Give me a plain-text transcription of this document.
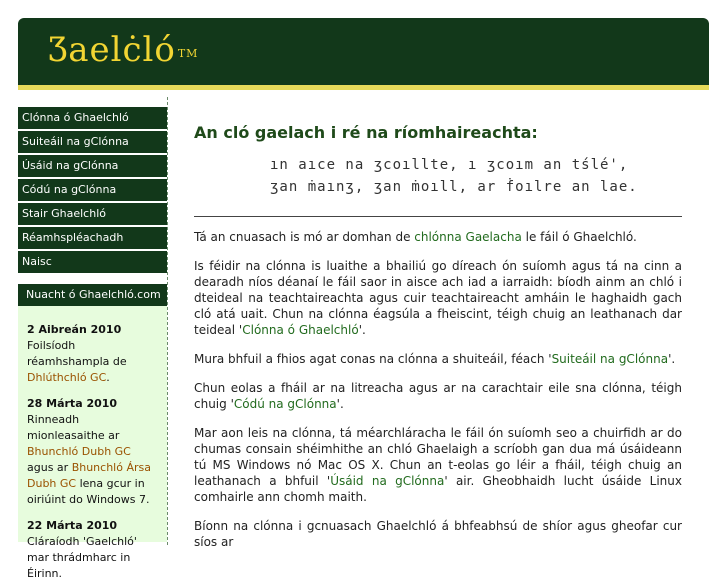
Ʒaelċló ™
Clónna ó Ghaelchló
Suiteáil na gClónna
Úsáid na gClónna
Códú na gClónna
Stair Ghaelchló
Réamhspléachadh
Naisc
Nuacht ó Ghaelchló.com
2 Aibreán 2010
Foilsíodh réamhshampla de Dhlúthchló GC.
28 Márta 2010
Rinneadh mionleasaithe ar Bhunchló Dubh GC agus ar Bhunchló Ársa Dubh GC lena gcur in oiriúint do Windows 7.
22 Márta 2010
Cláraíodh 'Gaelchló' mar thrádmharc in Éirinn.
An cló gaelach i ré na ríomhaireachta:
ın aıce na ʒcoıllte, ı ʒcoım an tślé',
ʒan ṁaınʒ, ʒan ṁoıll, ar ḟoılre an lae.

Tá an cnuasach is mó ar domhan de chlónna Gaelacha le fáil ó Ghaelchló.

Is féidir na clónna is luaithe a bhailiú go díreach ón suíomh agus tá na cinn a dearadh níos déanaí le fáil saor in aisce ach iad a iarraidh: bíodh ainm an chló i dteideal na teachtaireachta agus cuir teachtaireacht amháin le haghaidh gach cló atá uait. Chun na clónna éagsúla a fheiscint, téigh chuig an leathanach dar teideal 'Clónna ó Ghaelchló'.

Mura bhfuil a fhios agat conas na clónna a shuiteáil, féach 'Suiteáil na gClónna'.

Chun eolas a fháil ar na litreacha agus ar na carachtair eile sna clónna, téigh chuig 'Códú na gClónna'.

Mar aon leis na clónna, tá méarchláracha le fáil ón suíomh seo a chuirfidh ar do chumas consain shéimhithe an chló Ghaelaigh a scríobh gan dua má úsáideann tú MS Windows nó Mac OS X. Chun an t-eolas go léir a fháil, téigh chuig an leathanach a bhfuil 'Úsáid na gClónna' air. Gheobhaidh lucht úsáide Linux comhairle ann chomh maith.

Bíonn na clónna i gcnuasach Ghaelchló á bhfeabhsú de shíor agus gheofar cur síos ar
